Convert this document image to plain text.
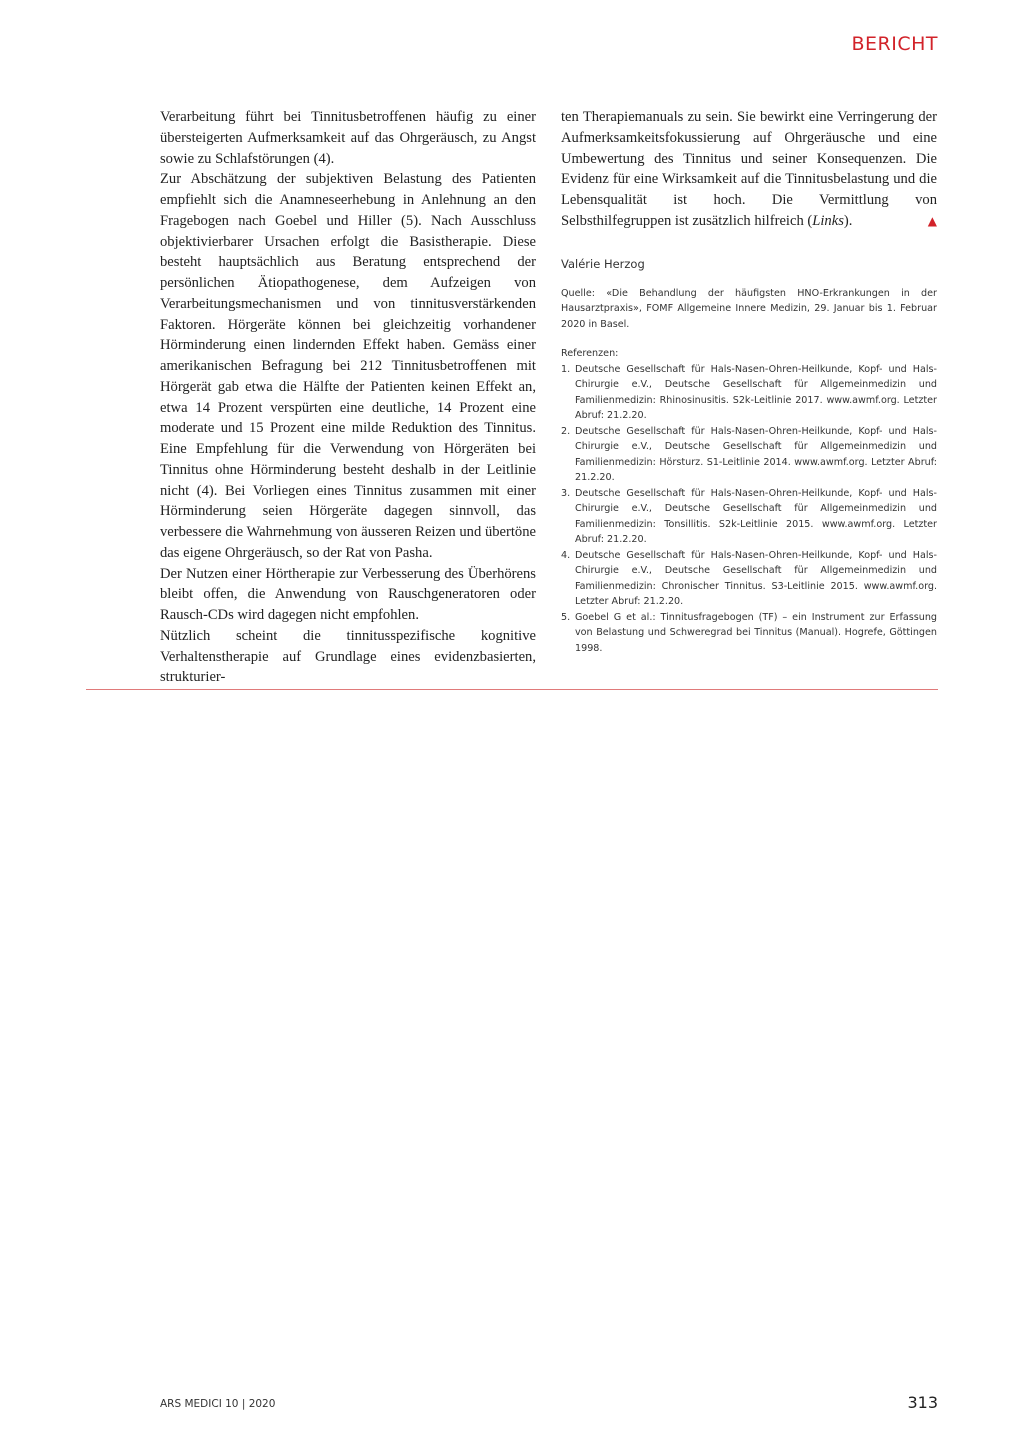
BERICHT

Verarbeitung führt bei Tinnitusbetroffenen häufig zu einer übersteigerten Aufmerksamkeit auf das Ohrgeräusch, zu Angst sowie zu Schlafstörungen (4).

Zur Abschätzung der subjektiven Belastung des Patienten empfiehlt sich die Anamneseerhebung in Anlehnung an den Fragebogen nach Goebel und Hiller (5). Nach Ausschluss objektivierbarer Ursachen erfolgt die Basistherapie. Diese besteht hauptsächlich aus Beratung entsprechend der persönlichen Ätiopathogenese, dem Aufzeigen von Verarbeitungsmechanismen und von tinnitusverstärkenden Faktoren. Hörgeräte können bei gleichzeitig vorhandener Hörminderung einen lindernden Effekt haben. Gemäss einer amerikanischen Befragung bei 212 Tinnitusbetroffenen mit Hörgerät gab etwa die Hälfte der Patienten keinen Effekt an, etwa 14 Prozent verspürten eine deutliche, 14 Prozent eine moderate und 15 Prozent eine milde Reduktion des Tinnitus. Eine Empfehlung für die Verwendung von Hörgeräten bei Tinnitus ohne Hörminderung besteht deshalb in der Leitlinie nicht (4). Bei Vorliegen eines Tinnitus zusammen mit einer Hörminderung seien Hörgeräte dagegen sinnvoll, das verbessere die Wahrnehmung von äusseren Reizen und übertöne das eigene Ohrgeräusch, so der Rat von Pasha.

Der Nutzen einer Hörtherapie zur Verbesserung des Überhörens bleibt offen, die Anwendung von Rauschgeneratoren oder Rausch-CDs wird dagegen nicht empfohlen.

Nützlich scheint die tinnitusspezifische kognitive Verhaltenstherapie auf Grundlage eines evidenzbasierten, strukturier-

ten Therapiemanuals zu sein. Sie bewirkt eine Verringerung der Aufmerksamkeitsfokussierung auf Ohrgeräusche und eine Umbewertung des Tinnitus und seiner Konsequenzen. Die Evidenz für eine Wirksamkeit auf die Tinnitusbelastung und die Lebensqualität ist hoch. Die Vermittlung von Selbsthilfegruppen ist zusätzlich hilfreich (Links).	▲

Valérie Herzog
Quelle: «Die Behandlung der häufigsten HNO-Erkrankungen in der Hausarztpraxis», FOMF Allgemeine Innere Medizin, 29. Januar bis 1. Februar 2020 in Basel.
Referenzen:
1. Deutsche Gesellschaft für Hals-Nasen-Ohren-Heilkunde, Kopf- und Hals-Chirurgie e.V., Deutsche Gesellschaft für Allgemeinmedizin und Familienmedizin: Rhinosinusitis. S2k-Leitlinie 2017. www.awmf.org. Letzter Abruf: 21.2.20.
2. Deutsche Gesellschaft für Hals-Nasen-Ohren-Heilkunde, Kopf- und Hals-Chirurgie e.V., Deutsche Gesellschaft für Allgemeinmedizin und Familienmedizin: Hörsturz. S1-Leitlinie 2014. www.awmf.org. Letzter Abruf: 21.2.20.
3. Deutsche Gesellschaft für Hals-Nasen-Ohren-Heilkunde, Kopf- und Hals-Chirurgie e.V., Deutsche Gesellschaft für Allgemeinmedizin und Familienmedizin: Tonsillitis. S2k-Leitlinie 2015. www.awmf.org. Letzter Abruf: 21.2.20.
4. Deutsche Gesellschaft für Hals-Nasen-Ohren-Heilkunde, Kopf- und Hals-Chirurgie e.V., Deutsche Gesellschaft für Allgemeinmedizin und Familienmedizin: Chronischer Tinnitus. S3-Leitlinie 2015. www.awmf.org. Letzter Abruf: 21.2.20.
5. Goebel G et al.: Tinnitusfragebogen (TF) – ein Instrument zur Erfassung von Belastung und Schweregrad bei Tinnitus (Manual). Hogrefe, Göttingen 1998.
ARS MEDICI 10 | 2020	313
